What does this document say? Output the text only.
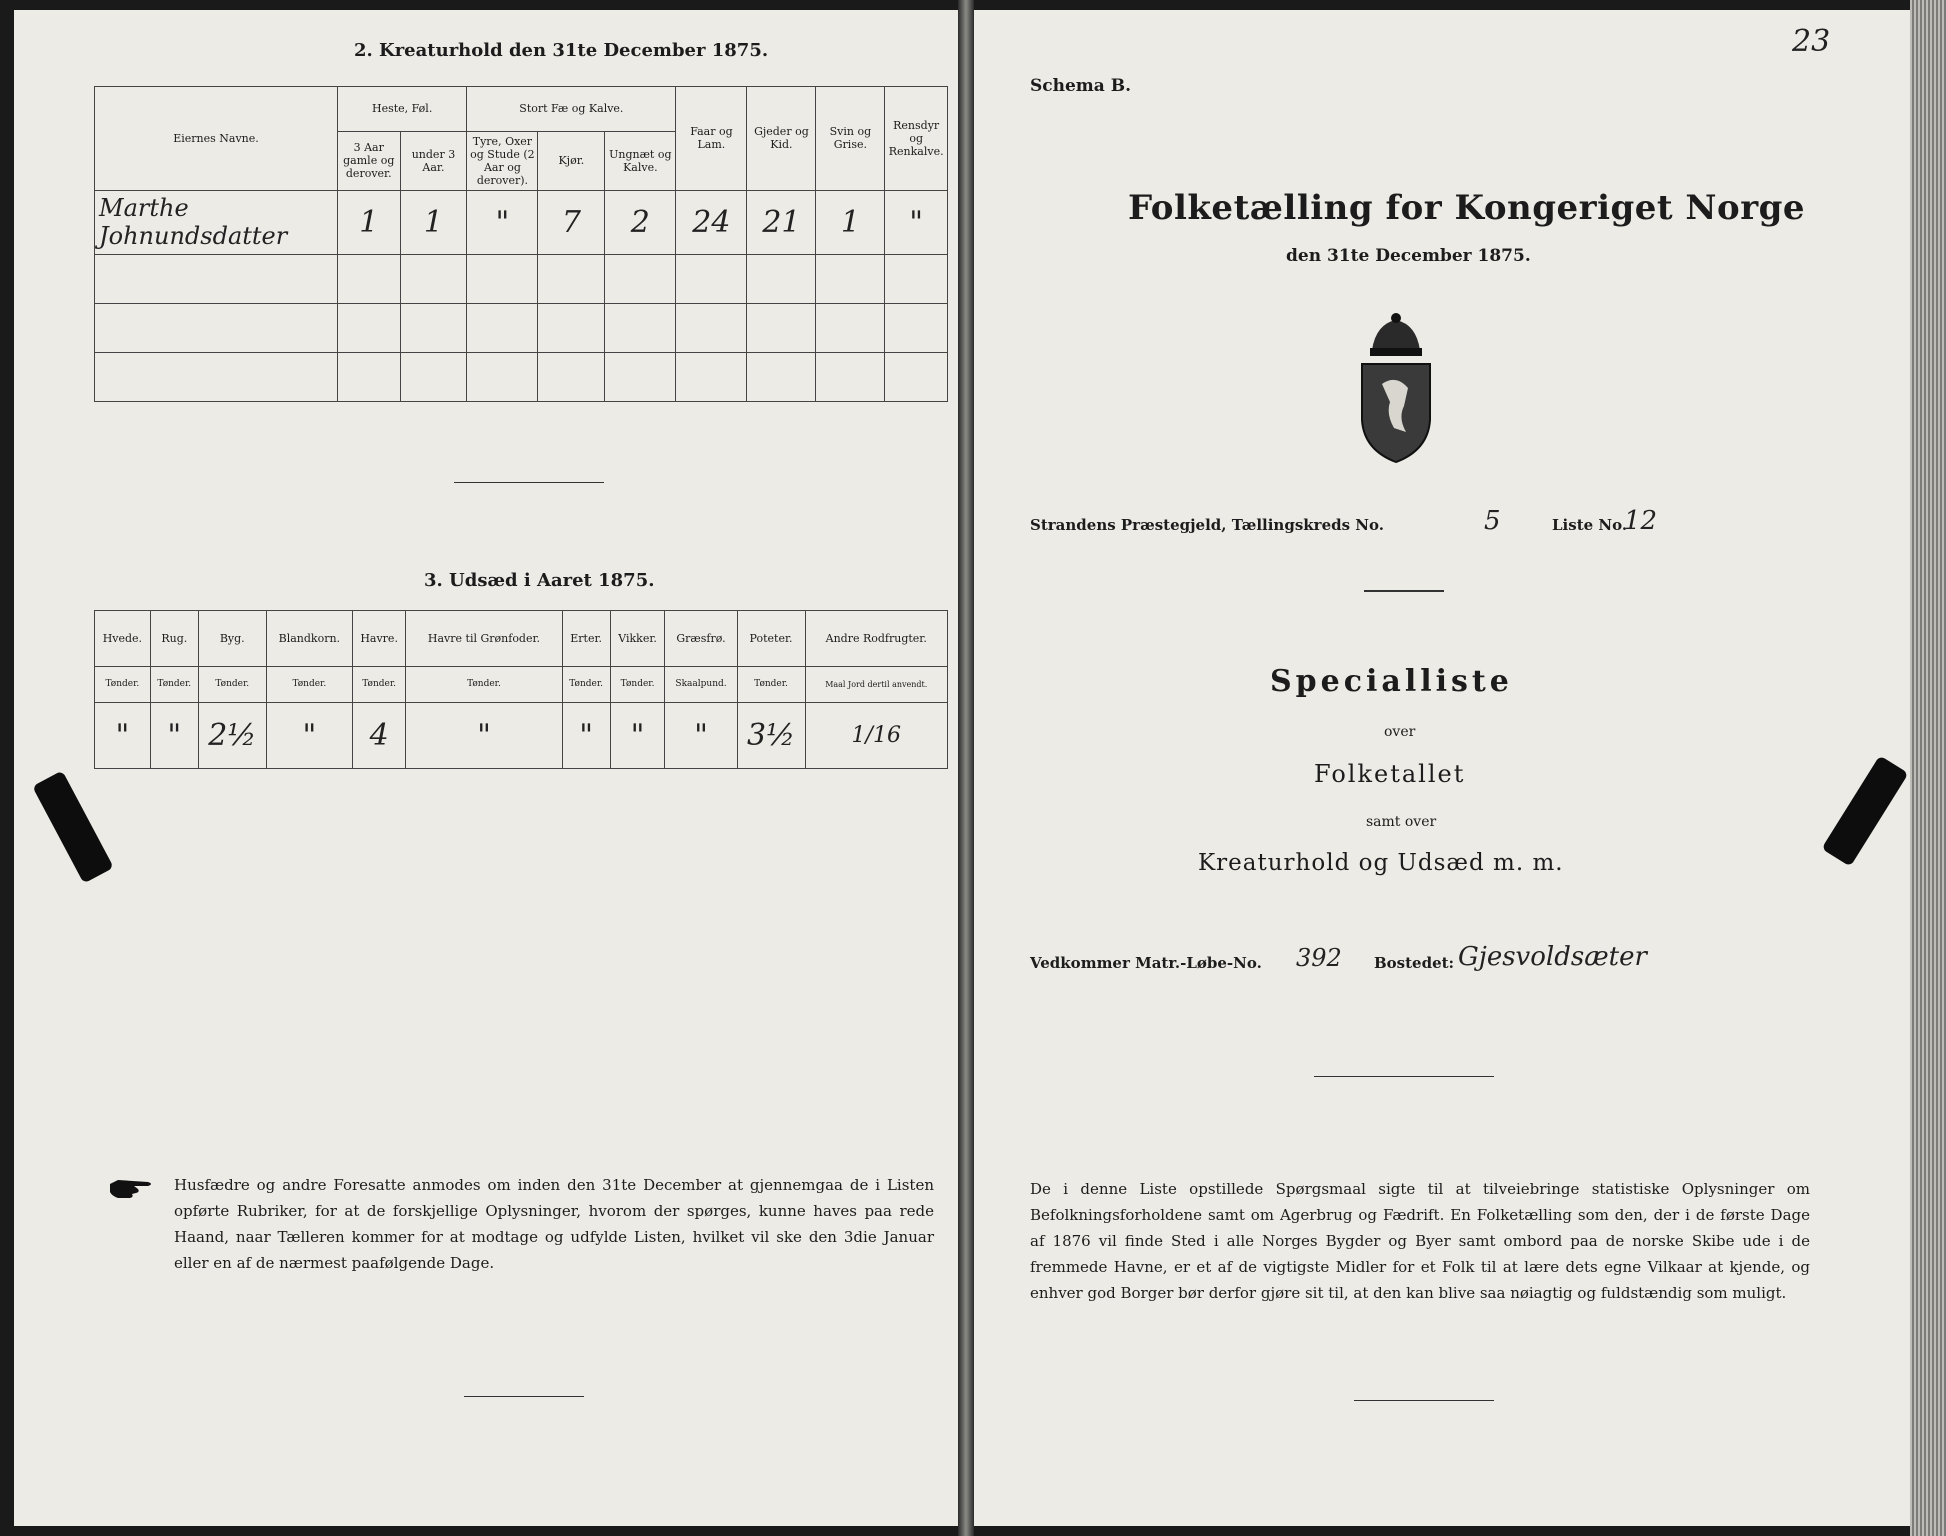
2. Kreaturhold den 31te December 1875.
Eiernes Navne.	Heste, Føl.		Stort Fæ og Kalve.			Faar og Lam.	Gjeder og Kid.	Svin og Grise.	Rensdyr og Renkalve.
	3 Aar gamle og derover.	under 3 Aar.	Tyre, Oxer og Stude (2 Aar og derover).	Kjør.	Ungnæt og Kalve.				
Marthe Johnundsdatter	1	1	"	7	2	24	21	1	"

3. Udsæd i Aaret 1875.
Hvede.	Rug.	Byg.	Blandkorn.	Havre.	Havre til Grønfoder.	Erter.	Vikker.	Græsfrø.	Poteter.	Andre Rodfrugter.
Tønder.	Tønder.	Tønder.	Tønder.	Tønder.	Tønder.	Tønder.	Tønder.	Skaalpund.	Tønder.	Maal Jord dertil anvendt.
"	"	2½	"	4	"	"	"	"	3½	1/16
Husfædre og andre Foresatte anmodes om inden den 31te December at gjennemgaa de i Listen opførte Rubriker, for at de forskjellige Oplysninger, hvorom der spørges, kunne haves paa rede Haand, naar Tælleren kommer for at modtage og udfylde Listen, hvilket vil ske den 3die Januar eller en af de nærmest paafølgende Dage.
23
Schema B.
Folketælling for Kongeriget Norge
den 31te December 1875.
Strandens Præstegjeld, Tællingskreds No.	5	Liste No.
12
Specialliste
over
Folketallet
samt over
Kreaturhold og Udsæd m. m.
Vedkommer Matr.-Løbe-No. 392 Bostedet: Gjesvoldsæter
De i denne Liste opstillede Spørgsmaal sigte til at tilveiebringe statistiske Oplysninger om Befolkningsforholdene samt om Agerbrug og Fædrift. En Folketælling som den, der i de første Dage af 1876 vil finde Sted i alle Norges Bygder og Byer samt ombord paa de norske Skibe ude i de fremmede Havne, er et af de vigtigste Midler for et Folk til at lære dets egne Vilkaar at kjende, og enhver god Borger bør derfor gjøre sit til, at den kan blive saa nøiagtig og fuldstændig som muligt.
